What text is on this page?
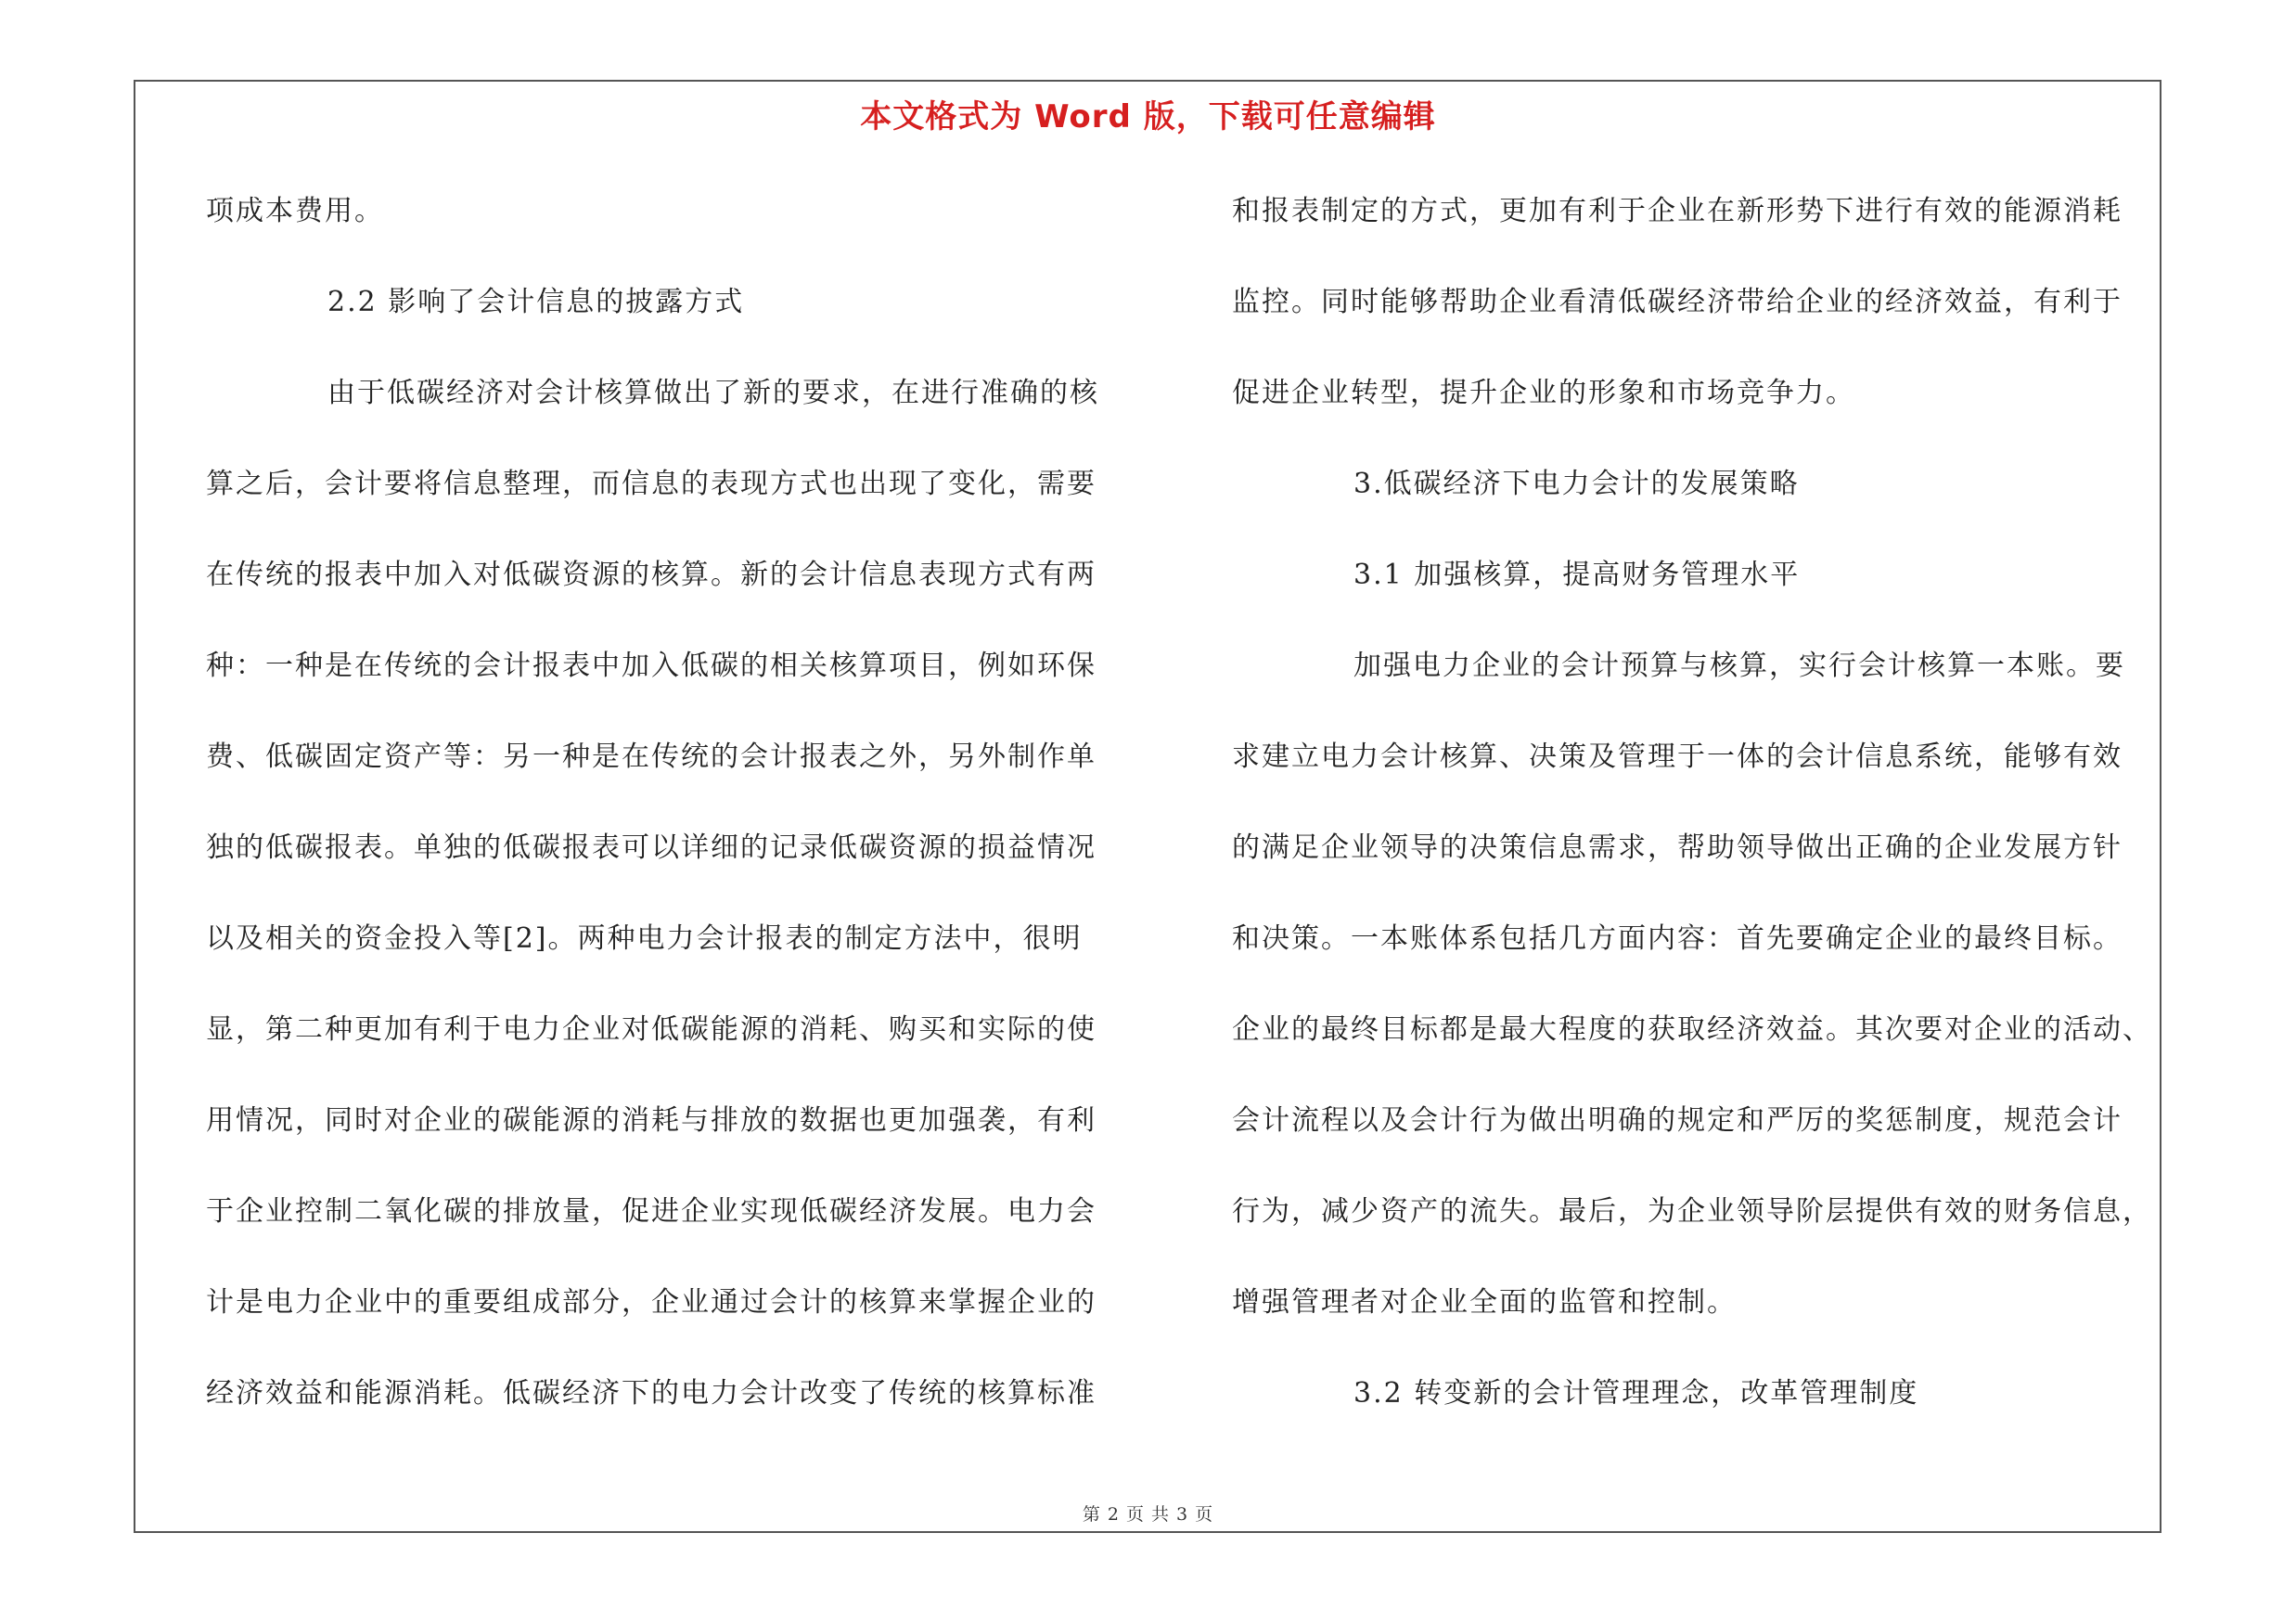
本文格式为 Word 版，下载可任意编辑
项成本费用。
2.2 影响了会计信息的披露方式
由于低碳经济对会计核算做出了新的要求，在进行准确的核
算之后，会计要将信息整理，而信息的表现方式也出现了变化，需要
在传统的报表中加入对低碳资源的核算。新的会计信息表现方式有两
种：一种是在传统的会计报表中加入低碳的相关核算项目，例如环保
费、低碳固定资产等：另一种是在传统的会计报表之外，另外制作单
独的低碳报表。单独的低碳报表可以详细的记录低碳资源的损益情况
以及相关的资金投入等[2]。两种电力会计报表的制定方法中，很明
显，第二种更加有利于电力企业对低碳能源的消耗、购买和实际的使
用情况，同时对企业的碳能源的消耗与排放的数据也更加强袭，有利
于企业控制二氧化碳的排放量，促进企业实现低碳经济发展。电力会
计是电力企业中的重要组成部分，企业通过会计的核算来掌握企业的
经济效益和能源消耗。低碳经济下的电力会计改变了传统的核算标准
和报表制定的方式，更加有利于企业在新形势下进行有效的能源消耗
监控。同时能够帮助企业看清低碳经济带给企业的经济效益，有利于
促进企业转型，提升企业的形象和市场竞争力。
3.低碳经济下电力会计的发展策略
3.1 加强核算，提高财务管理水平
加强电力企业的会计预算与核算，实行会计核算一本账。要
求建立电力会计核算、决策及管理于一体的会计信息系统，能够有效
的满足企业领导的决策信息需求，帮助领导做出正确的企业发展方针
和决策。一本账体系包括几方面内容：首先要确定企业的最终目标。
企业的最终目标都是最大程度的获取经济效益。其次要对企业的活动、
会计流程以及会计行为做出明确的规定和严厉的奖惩制度，规范会计
行为，减少资产的流失。最后，为企业领导阶层提供有效的财务信息，
增强管理者对企业全面的监管和控制。
3.2 转变新的会计管理理念，改革管理制度
第 2 页 共 3 页
